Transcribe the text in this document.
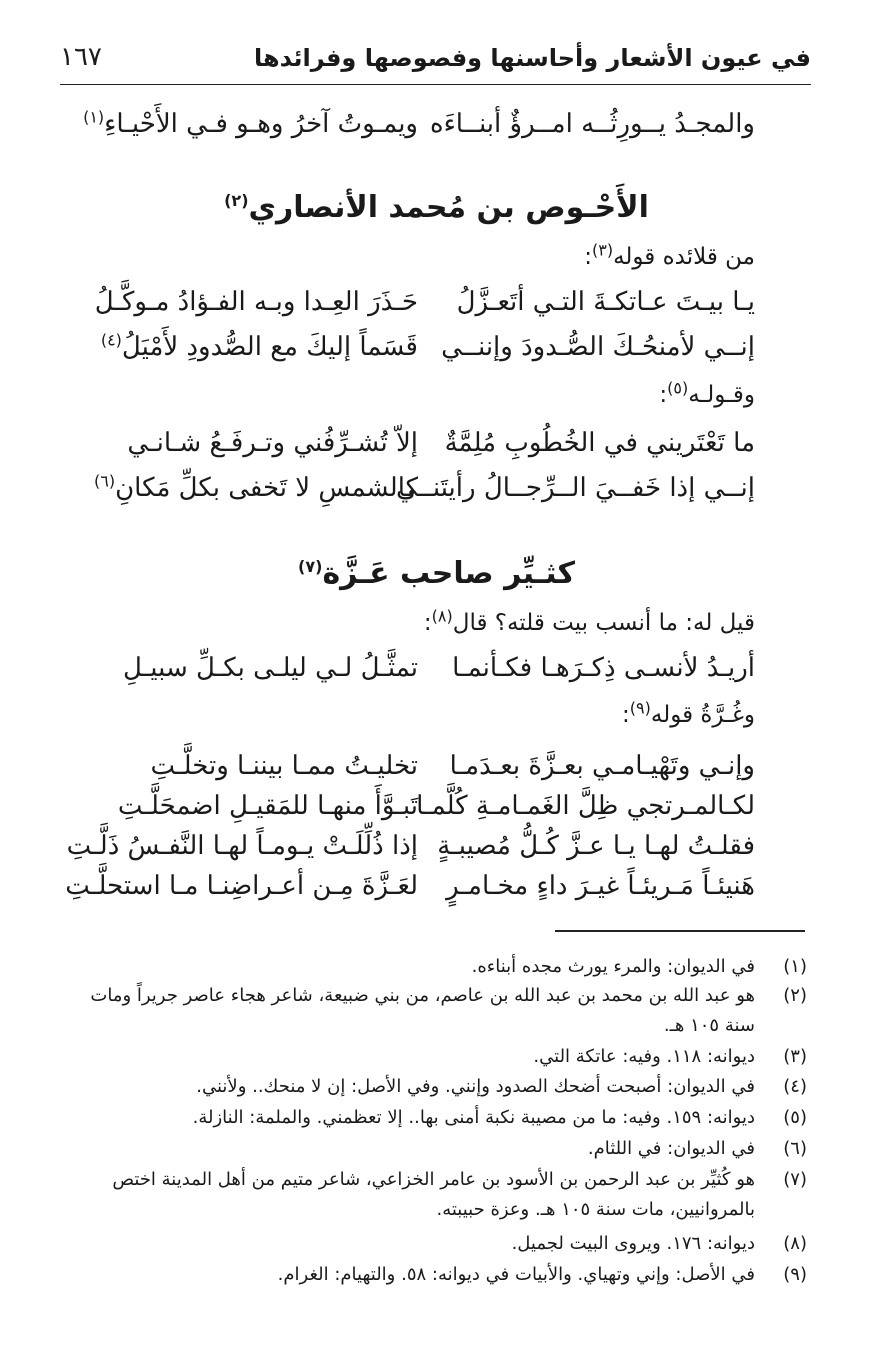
في عيون الأشعار وأحاسنها وفصوصها وفرائدها
١٦٧
والمجـدُ يــورِثُــه امــرؤٌ أبنــاءَه
ويمـوتُ آخرُ وهـو فـي الأَحْيـاءِ$^{(١)}$
الأَحْـوص بن مُحمد الأنصاري$^{(٢)}$
من قلائده قوله$^{(٣)}$:
يـا بيـتَ عـاتكـةَ التـي أتَعـزَّلُ
حَـذَرَ العِـدا وبـه الفـؤادُ مـوكَّـلُ
إنــي لأمنحُـكَ الصُّـدودَ وإننــي
قَسَماً إليكَ مع الصُّدودِ لأَمْيَلُ$^{(٤)}$
وقـولـه$^{(٥)}$:
ما تَعْتَريني في الخُطُوبِ مُلِمَّةٌ
إلاّ تُشـرِّفُني وتـرفَـعُ شـانـي
إنــي إذا خَفــيَ الــرِّجــالُ رأيتَنــي
كالشمسِ لا تَخفى بكلِّ مَكانِ$^{(٦)}$
كثـيِّر صاحب عَـزَّة$^{(٧)}$
قيل له: ما أنسب بيت قلته؟ قال$^{(٨)}$:
أريـدُ لأنسـى ذِكـرَهـا فكـأنمـا
تمثَّـلُ لـي ليلـى بكـلِّ سبيـلِ
وغُـرَّةُ قوله$^{(٩)}$:
وإنـي وتَهْيـامـي بعـزَّةَ بعـدَمـا
تخليـتُ ممـا بيننـا وتخلَّـتِ
لكـالمـرتجي ظِلَّ الغَمـامـةِ كُلَّمـا
تَبـوَّأَ منهـا للمَقيـلِ اضمحَلَّـتِ
فقلـتُ لهـا يـا عـزَّ كُـلُّ مُصيبـةٍ
إذا ذُلِّلَـتْ يـومـاً لهـا النَّفـسُ ذَلَّـتِ
هَنيئـاً مَـريئـاً غيـرَ داءٍ مخـامـرٍ
لعَـزَّةَ مِـن أعـراضِنـا مـا استحلَّـتِ
(١)
في الديوان: والمرء يورث مجده أبناءه.
(٢)
هو عبد الله بن محمد بن عبد الله بن عاصم، من بني ضبيعة، شاعر هجاء عاصر جريراً ومات سنة ١٠٥ هـ.
(٣)
ديوانه: ١١٨. وفيه: عاتكة التي.
(٤)
في الديوان: أصبحت أضحك الصدود وإنني. وفي الأصل: إن لا منحك.. ولأنني.
(٥)
ديوانه: ١٥٩. وفيه: ما من مصيبة نكبة أمنى بها.. إلا تعظمني. والملمة: النازلة.
(٦)
في الديوان: في اللثام.
(٧)
هو كُثيِّر بن عبد الرحمن بن الأسود بن عامر الخزاعي، شاعر متيم من أهل المدينة اختص بالمروانيين، مات سنة ١٠٥ هـ. وعزة حبيبته.
(٨)
ديوانه: ١٧٦. ويروى البيت لجميل.
(٩)
في الأصل: وإني وتهياي. والأبيات في ديوانه: ٥٨. والتهيام: الغرام.
